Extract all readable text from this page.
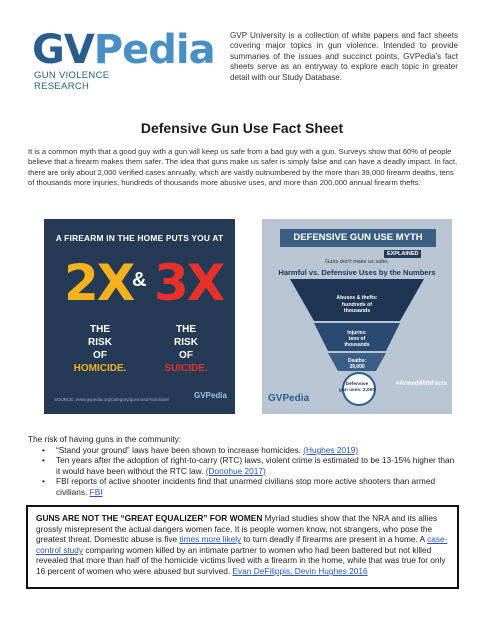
GVPedia
GUN VIOLENCE
RESEARCH
GVP University is a collection of white papers and fact sheets covering major topics in gun violence. Intended to provide summaries of the issues and succinct points, GVPedia’s fact sheets serve as an entryway to explore each topic in greater detail with our Study Database.
Defensive Gun Use Fact Sheet
It is a common myth that a good guy with a gun will keep us safe from a bad guy with a gun. Surveys show that 60% of people believe that a firearm makes them safer. The idea that guns make us safer is simply false and can have a deadly impact. In fact, there are only about 2,000 verified cases annually, which are vastly outnumbered by the more than 39,000 firearm deaths, tens of thousands more injuries, hundreds of thousands more abusive uses, and more than 200,000 annual firearm thefts.
A FIREARM IN THE HOME PUTS YOU AT
2X
& 3X
THE
RISK
OF
HOMICIDE.
THE
RISK
OF
SUICIDE.
SOURCE: www.gvpedia.org/category/guns-and-homicide/	GVPedia
DEFENSIVE GUN USE MYTH
EXPLAINED
Guns don't make us safer.
Harmful vs. Defensive Uses by the Numbers
Abuses & thefts:
hundreds of
thousands
Injuries:
tens of
thousands
Deaths:
39,000
Defensive
gun uses: 2,000
#ArmedWithFacts
GVPedia
The risk of having guns in the community:
• “Stand your ground” laws have been shown to increase homicides. (Hughes 2019)
• Ten years after the adoption of right-to-carry (RTC) laws, violent crime is estimated to be 13-15% higher than it would have been without the RTC law. (Donohue 2017)
• FBI reports of active shooter incidents find that unarmed civilians stop more active shooters than armed civilians. FBI
GUNS ARE NOT THE “GREAT EQUALIZER” FOR WOMEN Myriad studies show that the NRA and its allies grossly misrepresent the actual dangers women face. It is people women know, not strangers, who pose the greatest threat. Domestic abuse is five times more likely to turn deadly if firearms are present in a home. A case-control study comparing women killed by an intimate partner to women who had been battered but not killed revealed that more than half of the homicide victims lived with a firearm in the home, while that was true for only 16 percent of women who were abused but survived. Evan DeFilippis, Devin Hughes 2016
